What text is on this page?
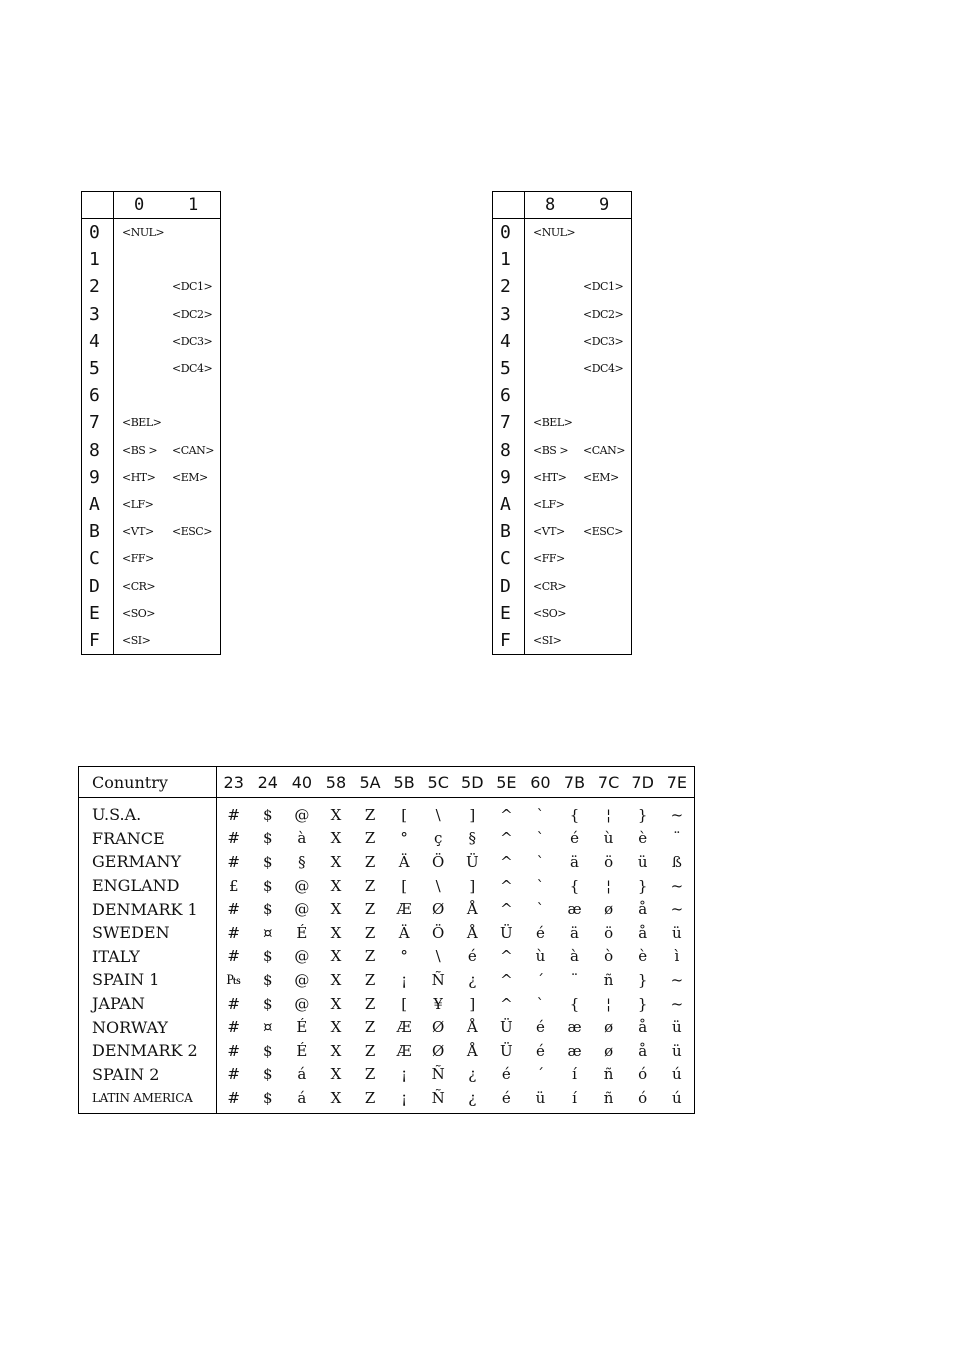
	0	1
0	<NUL>	
1		
2		<DC1>
3		<DC2>
4		<DC3>
5		<DC4>
6		
7	<BEL>	
8	<BS >	<CAN>
9	<HT>	<EM>
A	<LF>	
B	<VT>	<ESC>
C	<FF>	
D	<CR>	
E	<SO>	
F	<SI>	
	8	9
0	<NUL>	
1		
2		<DC1>
3		<DC2>
4		<DC3>
5		<DC4>
6		
7	<BEL>	
8	<BS >	<CAN>
9	<HT>	<EM>
A	<LF>	
B	<VT>	<ESC>
C	<FF>	
D	<CR>	
E	<SO>	
F	<SI>	
Conuntry	23	24	40	58	5A	5B	5C	5D	5E	60	7B	7C	7D	7E
U.S.A.	#	$	@	X	Z	[	\	]	^	`	{	¦	}	~
FRANCE	#	$	à	X	Z	°	ç	§	^	`	é	ù	è	¨
GERMANY	#	$	§	X	Z	Ä	Ö	Ü	^	`	ä	ö	ü	ß
ENGLAND	£	$	@	X	Z	[	\	]	^	`	{	¦	}	~
DENMARK 1	#	$	@	X	Z	Æ	Ø	Å	^	`	æ	ø	å	~
SWEDEN	#	¤	É	X	Z	Ä	Ö	Å	Ü	é	ä	ö	å	ü
ITALY	#	$	@	X	Z	°	\	é	^	ù	à	ò	è	ì
SPAIN 1	₧	$	@	X	Z	¡	Ñ	¿	^	´	¨	ñ	}	~
JAPAN	#	$	@	X	Z	[	¥	]	^	`	{	¦	}	~
NORWAY	#	¤	É	X	Z	Æ	Ø	Å	Ü	é	æ	ø	å	ü
DENMARK 2	#	$	É	X	Z	Æ	Ø	Å	Ü	é	æ	ø	å	ü
SPAIN 2	#	$	á	X	Z	¡	Ñ	¿	é	´	í	ñ	ó	ú
LATIN AMERICA	#	$	á	X	Z	¡	Ñ	¿	é	ü	í	ñ	ó	ú
